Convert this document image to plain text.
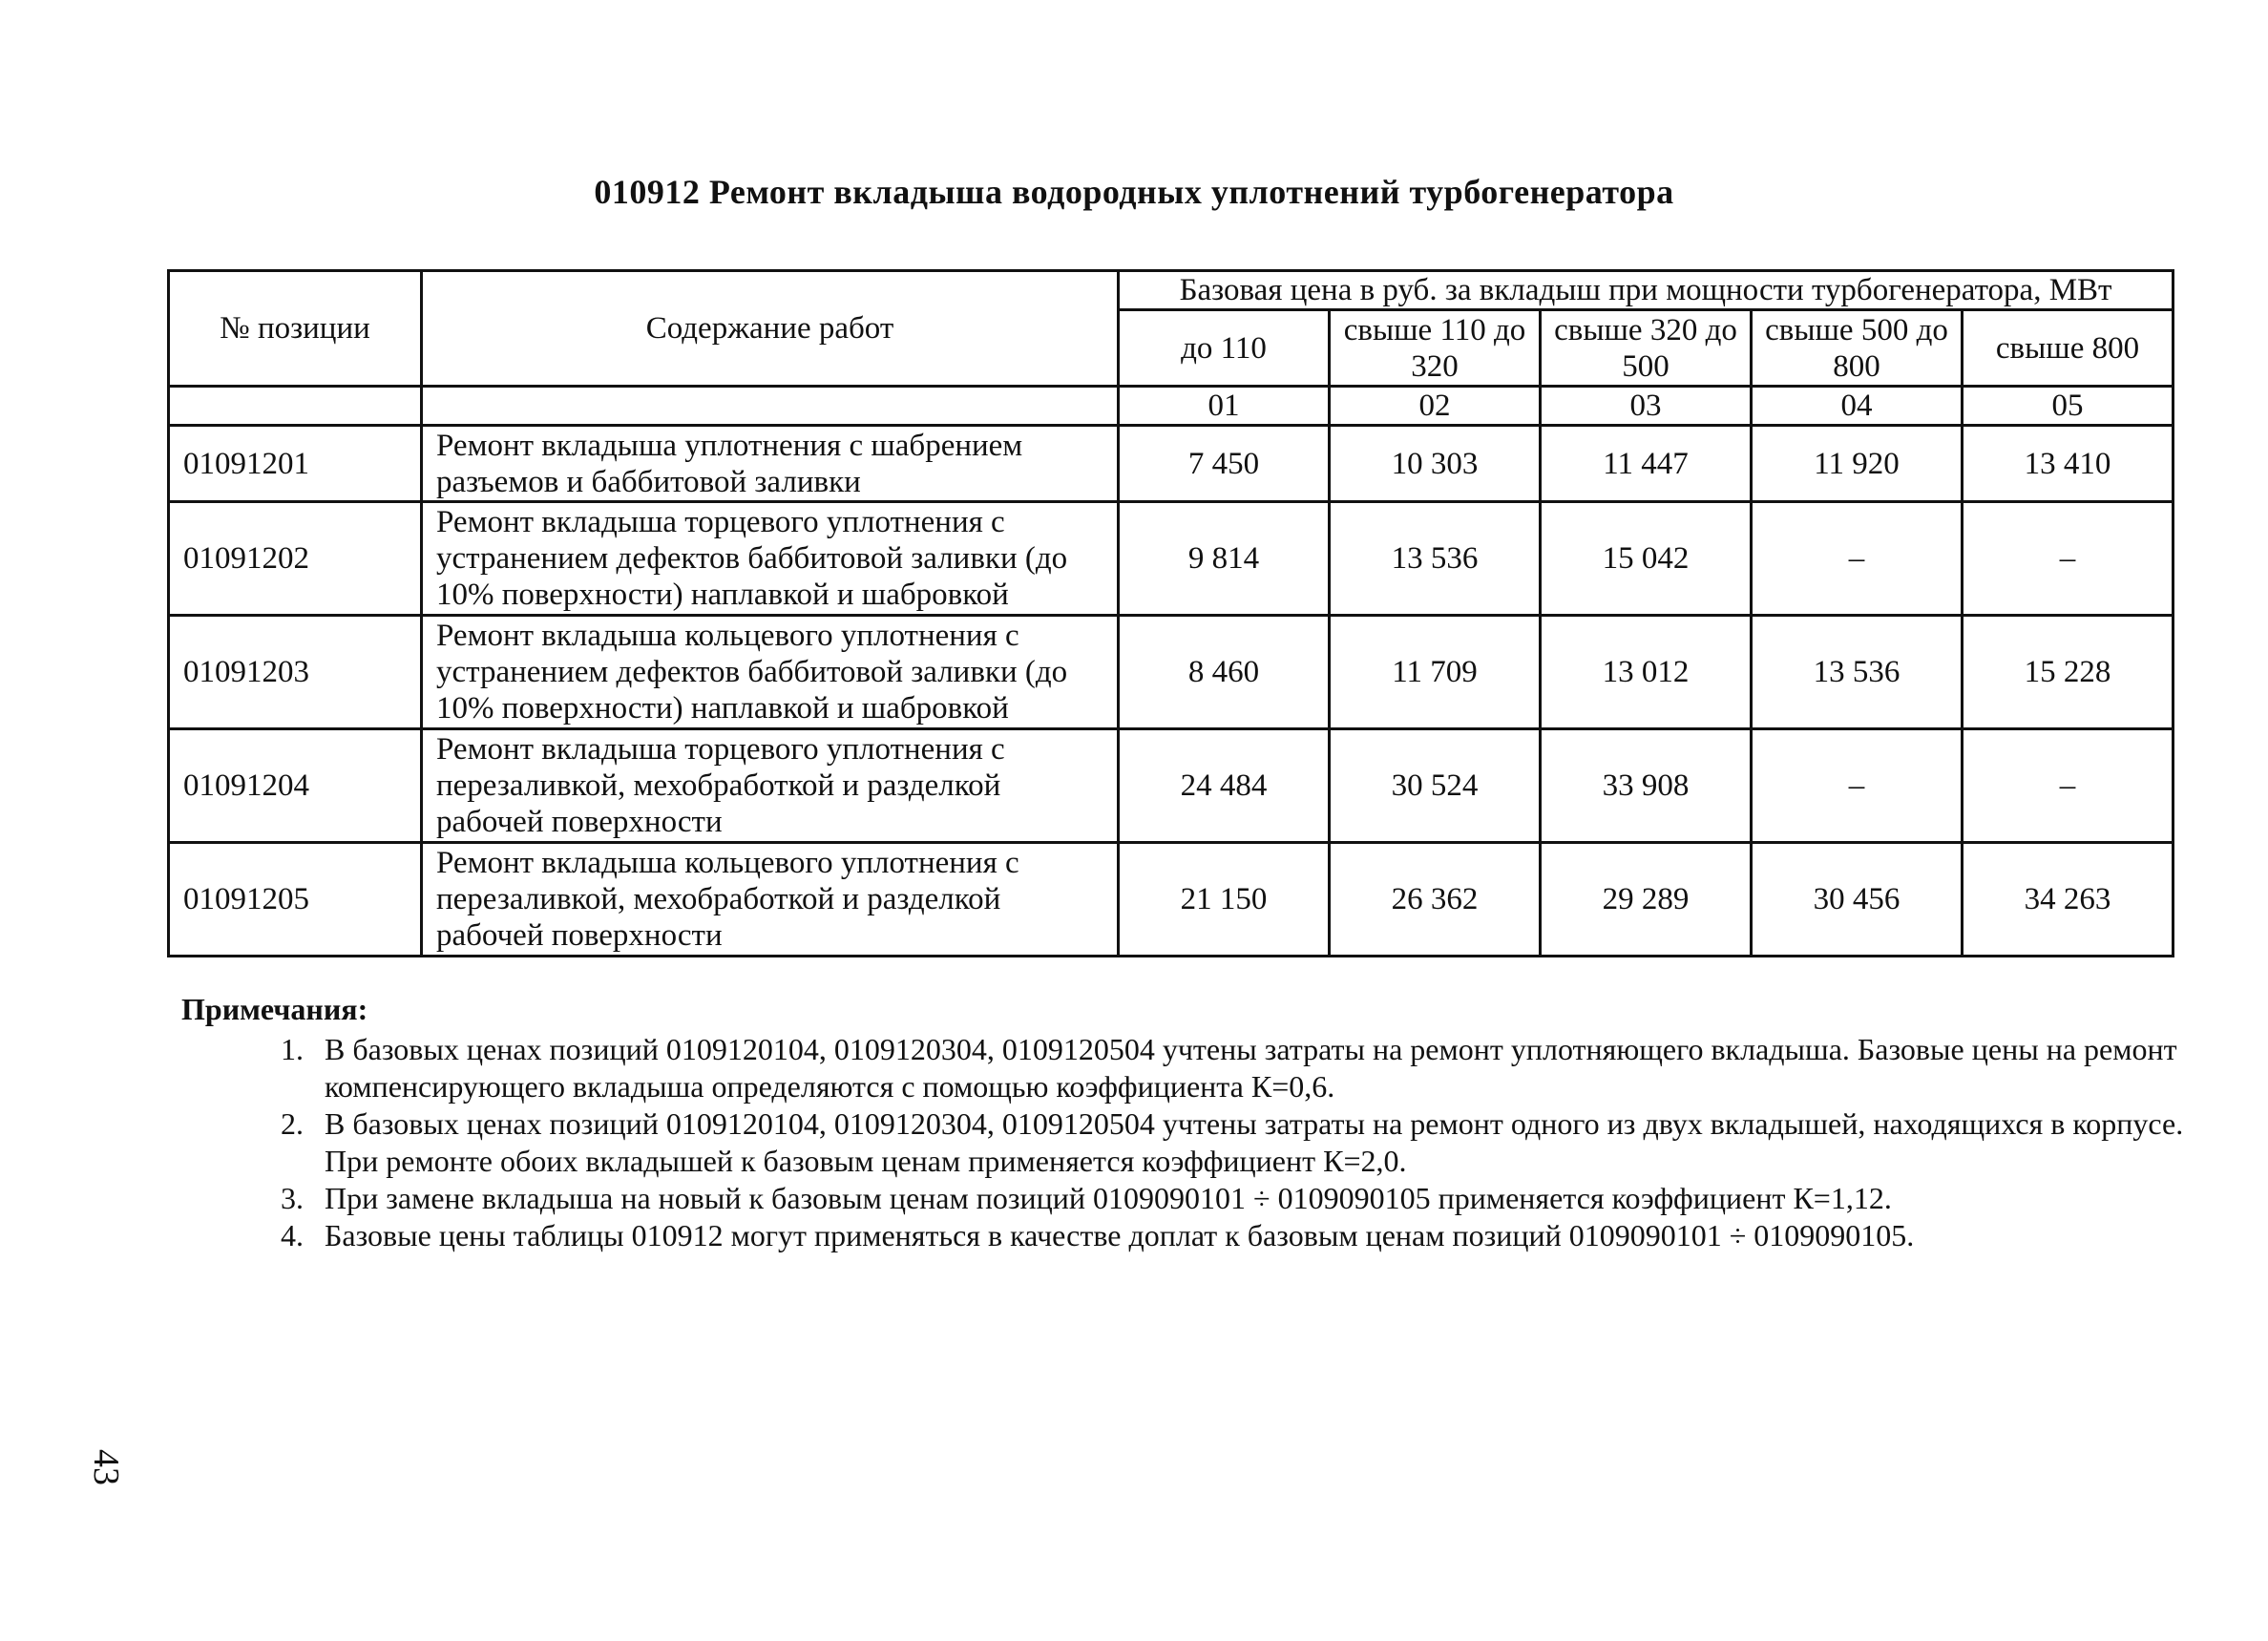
010912 Ремонт вкладыша водородных уплотнений турбогенератора
№ позиции	Содержание работ	Базовая цена в руб. за вкладыш при мощности турбогенератора, МВт				
		до 110	свыше 110 до 320	свыше 320 до 500	свыше 500 до 800	свыше 800
		01	02	03	04	05
01091201	Ремонт вкладыша уплотнения с шабрением разъемов и баббитовой заливки	7 450	10 303	11 447	11 920	13 410
01091202	Ремонт вкладыша торцевого уплотнения с устранением дефектов баббитовой заливки (до 10% поверхности) наплавкой и шабровкой	9 814	13 536	15 042	–	–
01091203	Ремонт вкладыша кольцевого уплотнения с устранением дефектов баббитовой заливки (до 10% поверхности) наплавкой и шабровкой	8 460	11 709	13 012	13 536	15 228
01091204	Ремонт вкладыша торцевого уплотнения с перезаливкой, мехобработкой и разделкой рабочей поверхности	24 484	30 524	33 908	–	–
01091205	Ремонт вкладыша кольцевого уплотнения с перезаливкой, мехобработкой и разделкой рабочей поверхности	21 150	26 362	29 289	30 456	34 263
Примечания:
1. В базовых ценах позиций 0109120104, 0109120304, 0109120504 учтены затраты на ремонт уплотняющего вкладыша. Базовые цены на ремонт компенсирующего вкладыша определяются с помощью коэффициента К=0,6.
2. В базовых ценах позиций 0109120104, 0109120304, 0109120504 учтены затраты на ремонт одного из двух вкладышей, находящихся в корпусе. При ремонте обоих вкладышей к базовым ценам применяется коэффициент К=2,0.
3. При замене вкладыша на новый к базовым ценам позиций 0109090101 ÷ 0109090105 применяется коэффициент К=1,12.
4. Базовые цены таблицы 010912 могут применяться в качестве доплат к базовым ценам позиций 0109090101 ÷ 0109090105.
43
